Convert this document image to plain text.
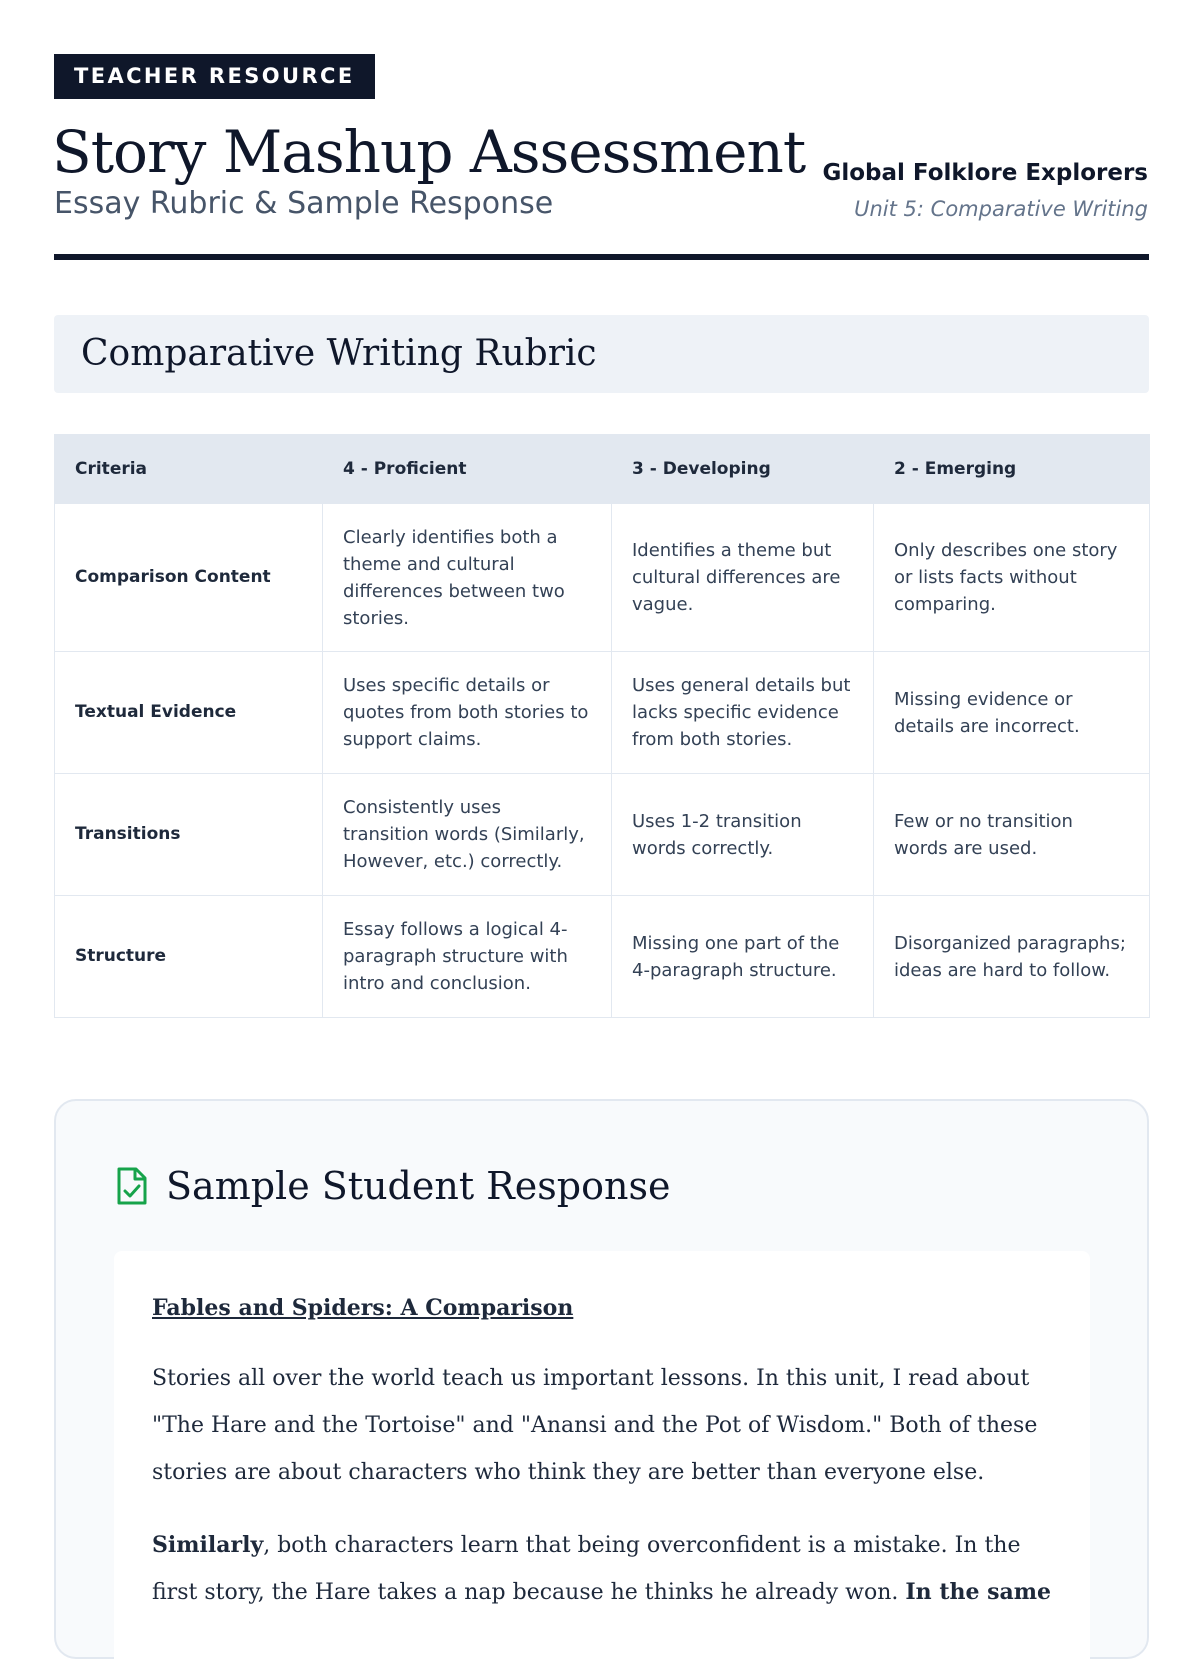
TEACHER RESOURCE
Story Mashup Assessment

Essay Rubric & Sample Response

Global Folklore Explorers
Unit 5: Comparative Writing
Comparative Writing Rubric
Criteria	4 - Proficient	3 - Developing	2 - Emerging
Comparison Content	Clearly identifies both a theme and cultural differences between two stories.	Identifies a theme but cultural differences are vague.	Only describes one story or lists facts without comparing.
Textual Evidence	Uses specific details or quotes from both stories to support claims.	Uses general details but lacks specific evidence from both stories.	Missing evidence or details are incorrect.
Transitions	Consistently uses transition words (Similarly, However, etc.) correctly.	Uses 1-2 transition words correctly.	Few or no transition words are used.
Structure	Essay follows a logical 4-paragraph structure with intro and conclusion.	Missing one part of the 4-paragraph structure.	Disorganized paragraphs; ideas are hard to follow.
Sample Student Response
Fables and Spiders: A Comparison

Stories all over the world teach us important lessons. In this unit, I read about "The Hare and the Tortoise" and "Anansi and the Pot of Wisdom." Both of these stories are about characters who think they are better than everyone else.

Similarly, both characters learn that being overconfident is a mistake. In the first story, the Hare takes a nap because he thinks he already won. In the same
